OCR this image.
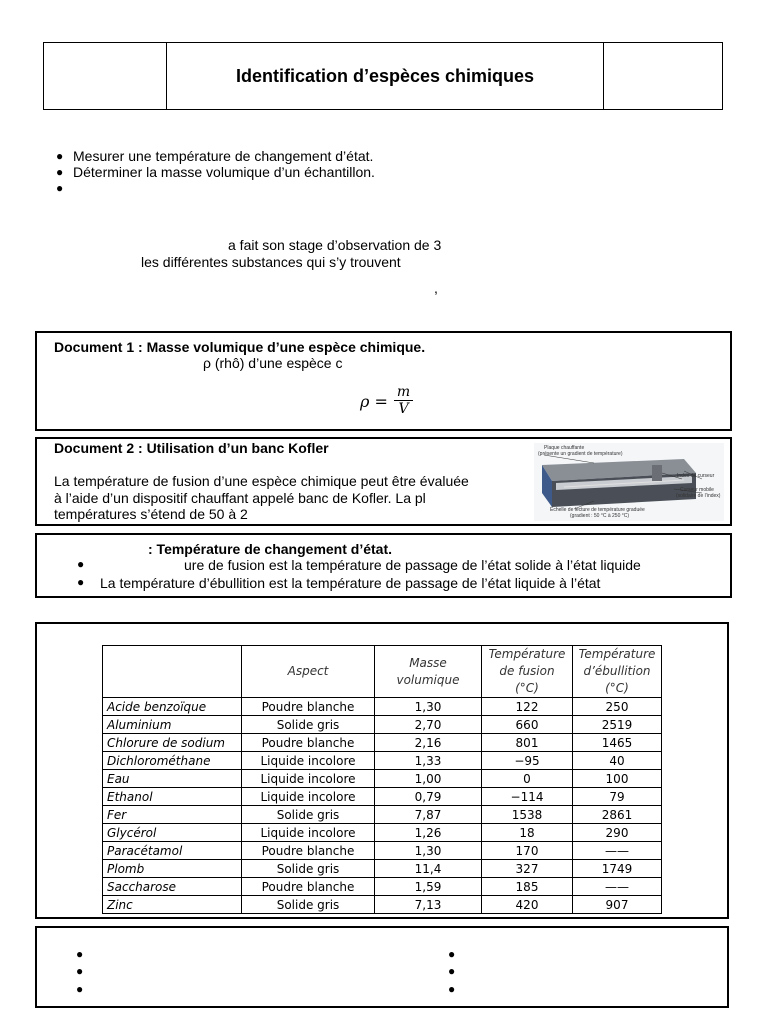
Identification d’espèces chimiques
● Mesurer une température de changement d’état.
● Déterminer la masse volumique d’un échantillon.
●
a fait son stage d’observation de 3
les différentes substances qui s’y trouvent
,
Document 1 : Masse volumique d’une espèce chimique.
ρ (rhô) d’une espèce c
$\rho = \frac{m}{V}$
Document 2 : Utilisation d’un banc Kofler
La température de fusion d’une espèce chimique peut être évaluée
à l’aide d’un dispositif chauffant appelé banc de Kofler. La pl
températures s’étend de 50 à 2
Plaque chauffante
(présente un gradient de température)
Index de curseur
Curseur mobile
(solidaire de l’index)
Échelle de lecture de température graduée
(gradient : 50 °C à 250 °C)
: Température de changement d’état.
●	ure de fusion est la température de passage de l’état solide à l’état liquide
● La température d’ébullition est la température de passage de l’état liquide à l’état
	Aspect	Masse volumique	Température de fusion (°C)	Température d’ébullition (°C)
Acide benzoïque	Poudre blanche	1,30	122	250
Aluminium	Solide gris	2,70	660	2519
Chlorure de sodium	Poudre blanche	2,16	801	1465
Dichlorométhane	Liquide incolore	1,33	−95	40
Eau	Liquide incolore	1,00	0	100
Ethanol	Liquide incolore	0,79	−114	79
Fer	Solide gris	7,87	1538	2861
Glycérol	Liquide incolore	1,26	18	290
Paracétamol	Poudre blanche	1,30	170	——
Plomb	Solide gris	11,4	327	1749
Saccharose	Poudre blanche	1,59	185	——
Zinc	Solide gris	7,13	420	907
●
●
●
●
●
●
